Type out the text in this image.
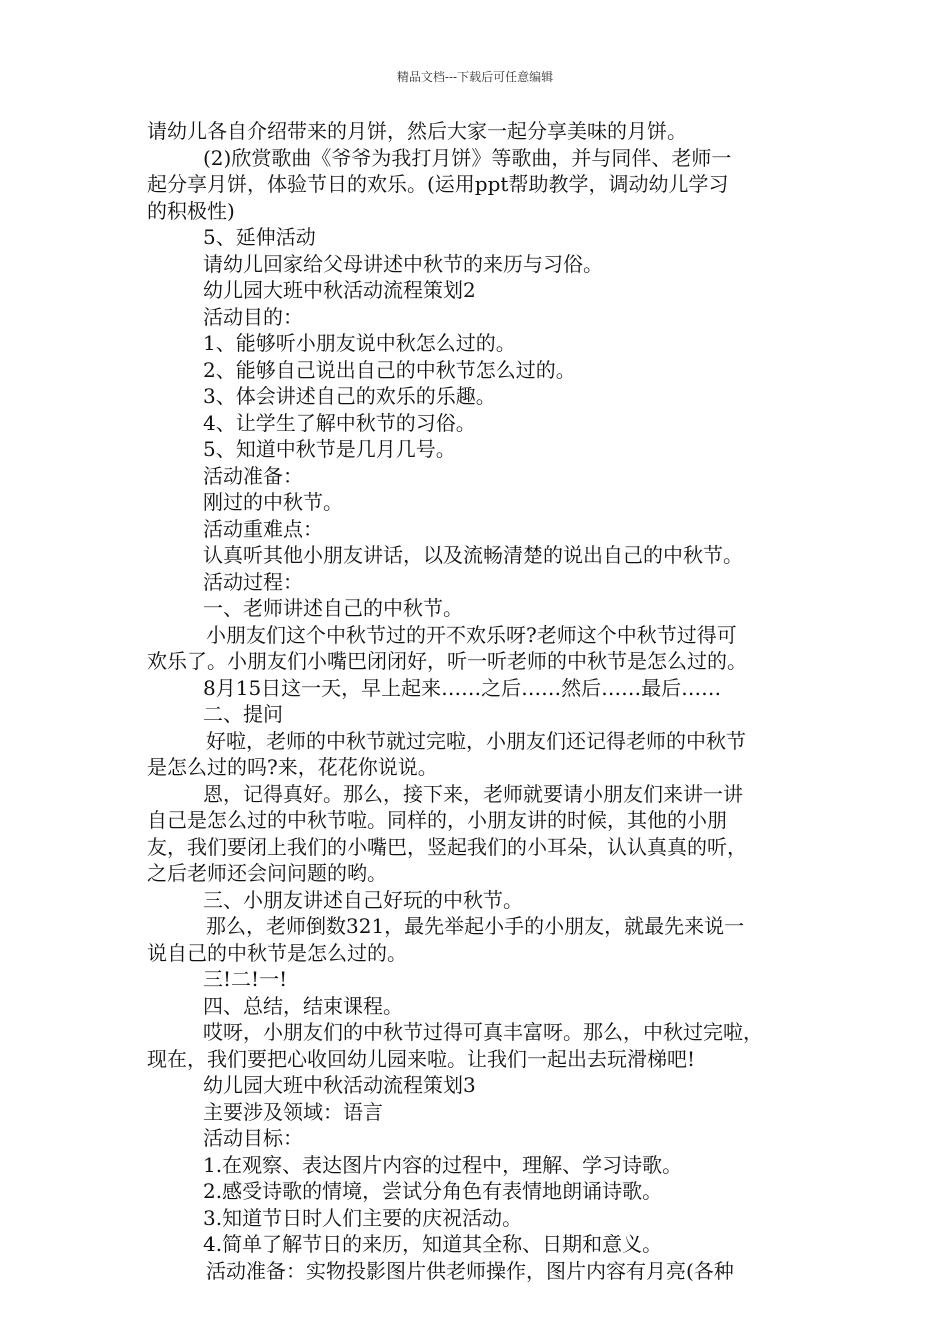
精品文档---下载后可任意编辑
请幼儿各自介绍带来的月饼，然后大家一起分享美味的月饼。
(2)欣赏歌曲《爷爷为我打月饼》等歌曲，并与同伴、老师一
起分享月饼，体验节日的欢乐。(运用ppt帮助教学，调动幼儿学习
的积极性)
5、延伸活动
请幼儿回家给父母讲述中秋节的来历与习俗。
幼儿园大班中秋活动流程策划2
活动目的：
1、能够听小朋友说中秋怎么过的。
2、能够自己说出自己的中秋节怎么过的。
3、体会讲述自己的欢乐的乐趣。
4、让学生了解中秋节的习俗。
5、知道中秋节是几月几号。
活动准备：
刚过的中秋节。
活动重难点：
认真听其他小朋友讲话，以及流畅清楚的说出自己的中秋节。
活动过程：
一、老师讲述自己的中秋节。
小朋友们这个中秋节过的开不欢乐呀?老师这个中秋节过得可
欢乐了。小朋友们小嘴巴闭闭好，听一听老师的中秋节是怎么过的。
8月15日这一天，早上起来……之后……然后……最后……
二、提问
好啦，老师的中秋节就过完啦，小朋友们还记得老师的中秋节
是怎么过的吗?来，花花你说说。
恩，记得真好。那么，接下来，老师就要请小朋友们来讲一讲
自己是怎么过的中秋节啦。同样的，小朋友讲的时候，其他的小朋
友，我们要闭上我们的小嘴巴，竖起我们的小耳朵，认认真真的听，
之后老师还会问问题的哟。
三、小朋友讲述自己好玩的中秋节。
那么，老师倒数321，最先举起小手的小朋友，就最先来说一
说自己的中秋节是怎么过的。
三!二!一!
四、总结，结束课程。
哎呀，小朋友们的中秋节过得可真丰富呀。那么，中秋过完啦，
现在，我们要把心收回幼儿园来啦。让我们一起出去玩滑梯吧!
幼儿园大班中秋活动流程策划3
主要涉及领域：语言
活动目标：
1.在观察、表达图片内容的过程中，理解、学习诗歌。
2.感受诗歌的情境，尝试分角色有表情地朗诵诗歌。
3.知道节日时人们主要的庆祝活动。
4.简单了解节日的来历，知道其全称、日期和意义。
活动准备：实物投影图片供老师操作，图片内容有月亮(各种
